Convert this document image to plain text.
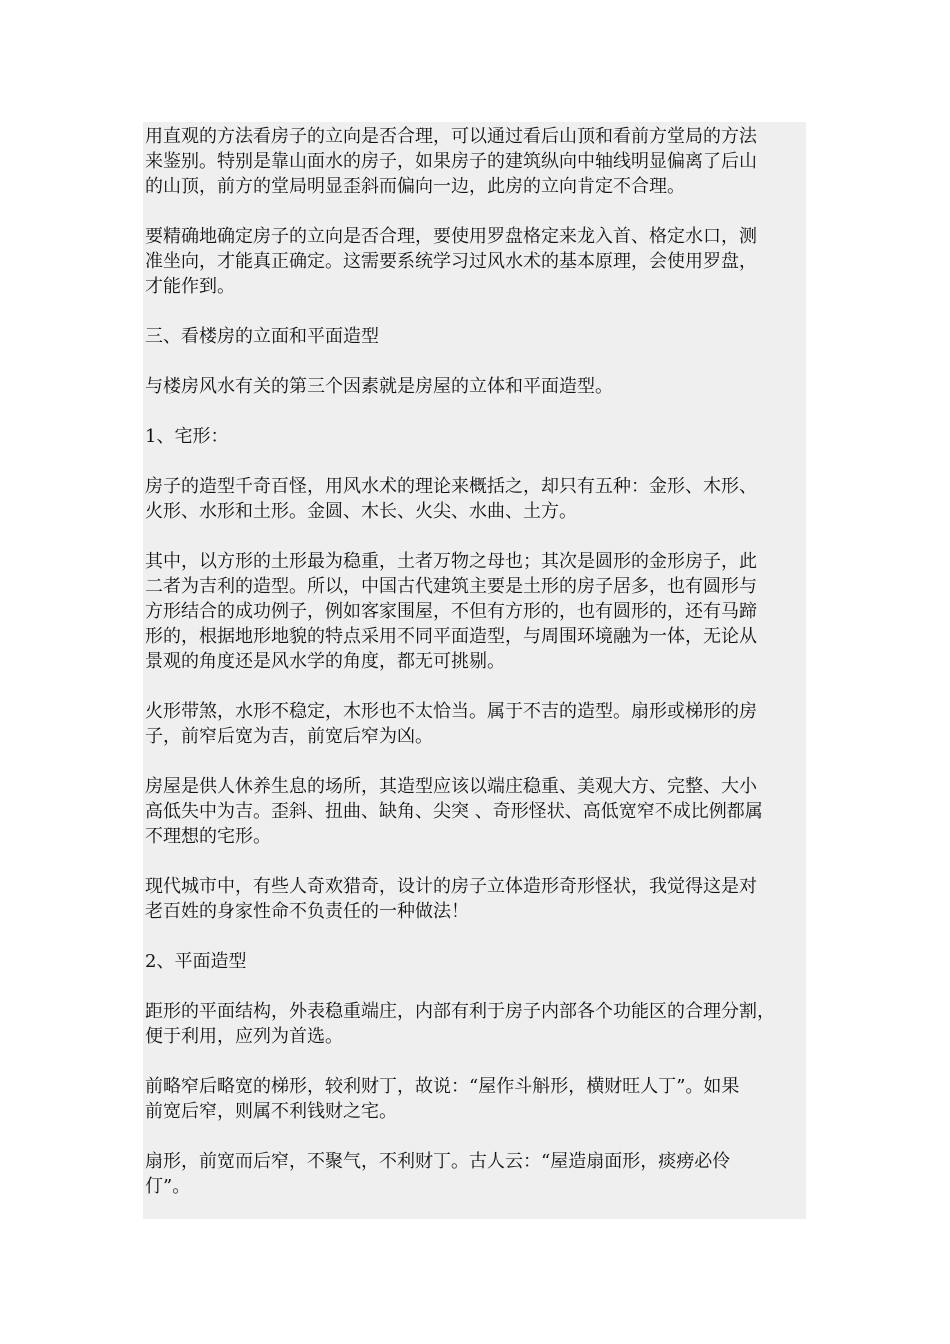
用直观的方法看房子的立向是否合理，可以通过看后山顶和看前方堂局的方法
来鉴别。特别是靠山面水的房子，如果房子的建筑纵向中轴线明显偏离了后山
的山顶，前方的堂局明显歪斜而偏向一边，此房的立向肯定不合理。

要精确地确定房子的立向是否合理，要使用罗盘格定来龙入首、格定水口，测
准坐向，才能真正确定。这需要系统学习过风水术的基本原理，会使用罗盘，
才能作到。

三、看楼房的立面和平面造型

与楼房风水有关的第三个因素就是房屋的立体和平面造型。

1、宅形：

房子的造型千奇百怪，用风水术的理论来概括之，却只有五种：金形、木形、
火形、水形和土形。金圆、木长、火尖、水曲、土方。

其中，以方形的土形最为稳重，土者万物之母也；其次是圆形的金形房子，此
二者为吉利的造型。所以，中国古代建筑主要是土形的房子居多，也有圆形与
方形结合的成功例子，例如客家围屋，不但有方形的，也有圆形的，还有马蹄
形的，根据地形地貌的特点采用不同平面造型，与周围环境融为一体，无论从
景观的角度还是风水学的角度，都无可挑剔。

火形带煞，水形不稳定，木形也不太恰当。属于不吉的造型。扇形或梯形的房
子，前窄后宽为吉，前宽后窄为凶。

房屋是供人休养生息的场所，其造型应该以端庄稳重、美观大方、完整、大小
高低失中为吉。歪斜、扭曲、缺角、尖突 、奇形怪状、高低宽窄不成比例都属
不理想的宅形。

现代城市中，有些人奇欢猎奇，设计的房子立体造形奇形怪状，我觉得这是对
老百姓的身家性命不负责任的一种做法！

2、平面造型

距形的平面结构，外表稳重端庄，内部有利于房子内部各个功能区的合理分割，
便于利用，应列为首选。

前略窄后略宽的梯形，较利财丁，故说：“屋作斗斛形，横财旺人丁”。如果
前宽后窄，则属不利钱财之宅。

扇形，前宽而后窄，不聚气，不利财丁。古人云：“屋造扇面形，痰痨必伶
仃”。
